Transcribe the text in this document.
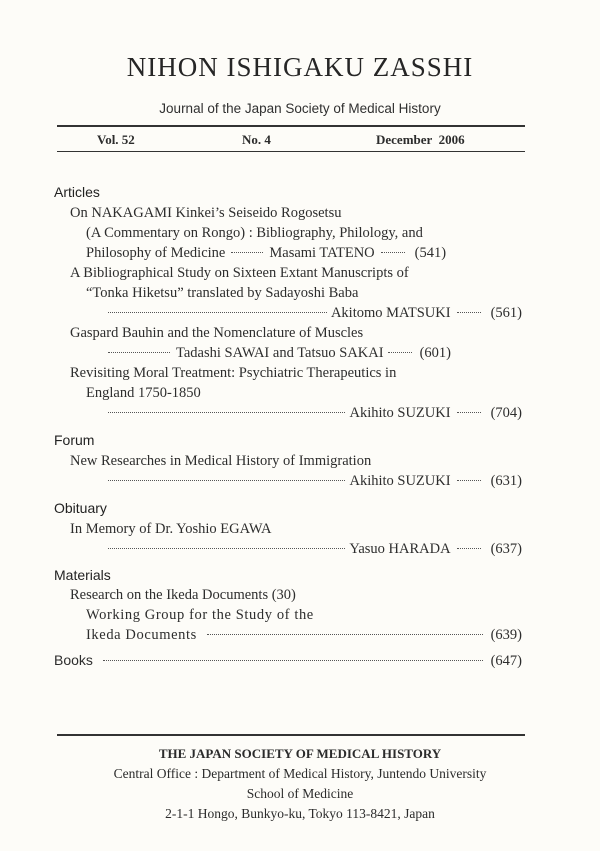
NIHON ISHIGAKU ZASSHI
Journal of the Japan Society of Medical History
Vol. 52	No. 4	December  2006
Articles
On NAKAGAMI Kinkei’s Seiseido Rogosetsu
(A Commentary on Rongo) : Bibliography, Philology, and
Philosophy of Medicine	Masami TATENO	(541)
A Bibliographical Study on Sixteen Extant Manuscripts of
“Tonka Hiketsu” translated by Sadayoshi Baba
Akitomo MATSUKI	(561)
Gaspard Bauhin and the Nomenclature of Muscles
Tadashi SAWAI and Tatsuo SAKAI (601)
Revisiting Moral Treatment: Psychiatric Therapeutics in
England 1750-1850
Akihito SUZUKI	(704)
Forum
New Researches in Medical History of Immigration
Akihito SUZUKI	(631)
Obituary
In Memory of Dr. Yoshio EGAWA
Yasuo HARADA	(637)
Materials
Research on the Ikeda Documents (30)
Working Group for the Study of the
Ikeda Documents	(639)
Books	(647)
THE JAPAN SOCIETY OF MEDICAL HISTORY
Central Office : Department of Medical History, Juntendo University
School of Medicine
2-1-1 Hongo, Bunkyo-ku, Tokyo 113-8421, Japan
